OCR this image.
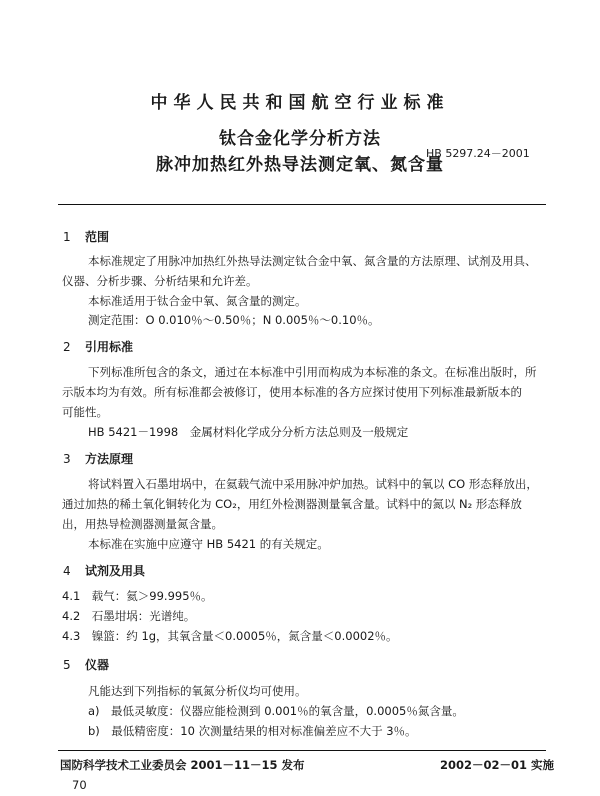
中华人民共和国航空行业标准
钛合金化学分析方法
脉冲加热红外热导法测定氧、氮含量
HB 5297.24－2001
1 范围
本标准规定了用脉冲加热红外热导法测定钛合金中氧、氮含量的方法原理、试剂及用具、
仪器、分析步骤、分析结果和允许差。
本标准适用于钛合金中氧、氮含量的测定。
测定范围：O 0.010％～0.50％；N 0.005％～0.10％。
2 引用标准
下列标准所包含的条文，通过在本标准中引用而构成为本标准的条文。在标准出版时，所
示版本均为有效。所有标准都会被修订，使用本标准的各方应探讨使用下列标准最新版本的
可能性。
HB 5421－1998　金属材料化学成分分析方法总则及一般规定
3 方法原理
将试料置入石墨坩埚中，在氦载气流中采用脉冲炉加热。试料中的氧以 CO 形态释放出，
通过加热的稀土氧化铜转化为 CO₂，用红外检测器测量氧含量。试料中的氮以 N₂ 形态释放
出，用热导检测器测量氮含量。
本标准在实施中应遵守 HB 5421 的有关规定。
4 试剂及用具
4.1　载气：氦＞99.995％。
4.2　石墨坩埚：光谱纯。
4.3　镍篮：约 1g，其氧含量＜0.0005％，氮含量＜0.0002％。
5 仪器
凡能达到下列指标的氧氮分析仪均可使用。
a)　最低灵敏度：仪器应能检测到 0.001％的氧含量，0.0005％氮含量。
b)　最低精密度：10 次测量结果的相对标准偏差应不大于 3％。
国防科学技术工业委员会 2001－11－15 发布	2002－02－01 实施
70
